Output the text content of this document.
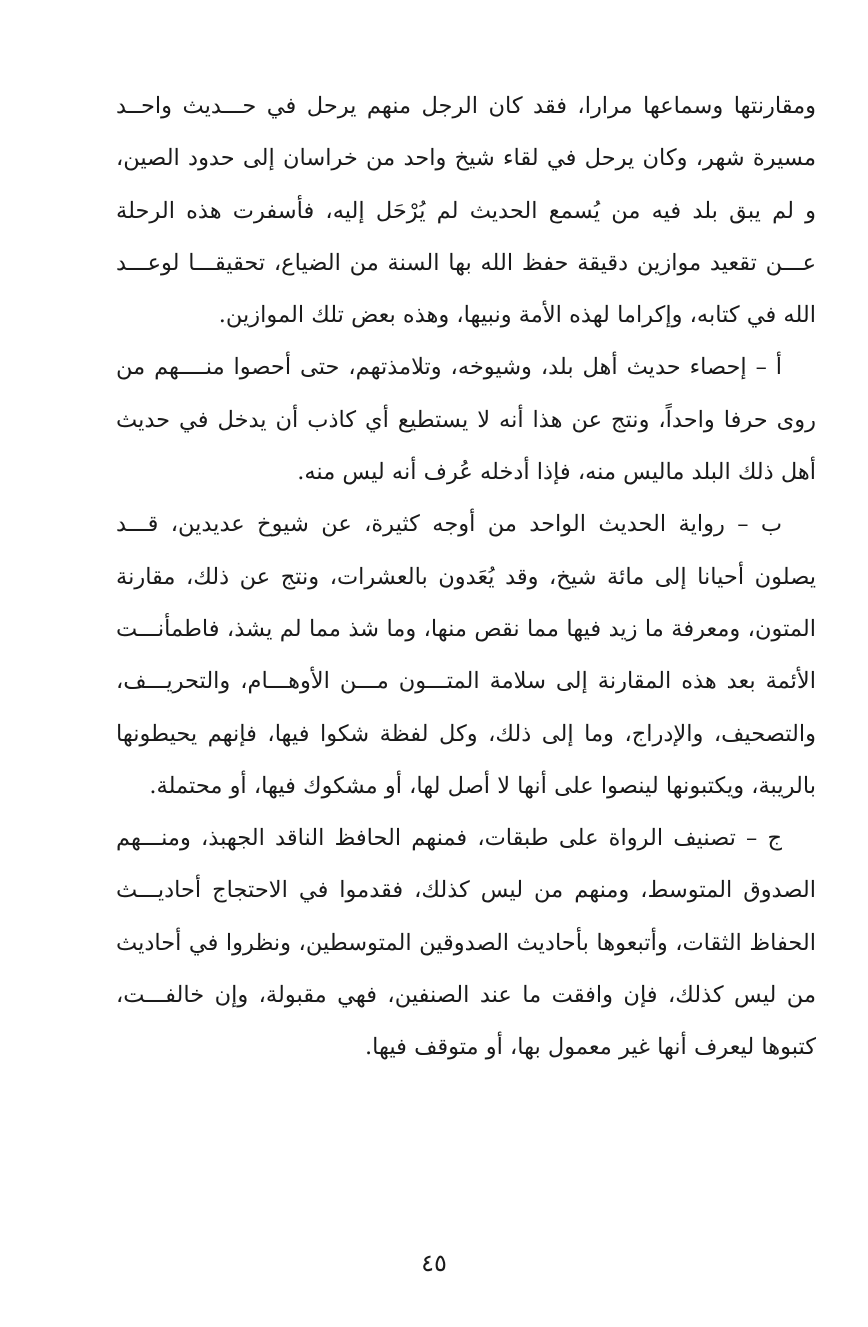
ومقارنتها وسماعها مرارا، فقد كان الرجل منهم يرحل في حـــديث واحــد مسيرة شهر، وكان يرحل في لقاء شيخ واحد من خراسان إلى حدود الصين، و لم يبق بلد فيه من يُسمع الحديث لم يُرْحَل إليه، فأسفرت هذه الرحلة عـــن تقعيد موازين دقيقة حفظ الله بها السنة من الضياع، تحقيقـــا لوعـــد الله في كتابه، وإكراما لهذه الأمة ونبيها، وهذه بعض تلك الموازين.

أ – إحصاء حديث أهل بلد، وشيوخه، وتلامذتهم، حتى أحصوا منــــهم من روى حرفا واحداً، ونتج عن هذا أنه لا يستطيع أي كاذب أن يدخل في حديث أهل ذلك البلد ماليس منه، فإذا أدخله عُرف أنه ليس منه.

ب – رواية الحديث الواحد من أوجه كثيرة، عن شيوخ عديدين، قـــد يصلون أحيانا إلى مائة شيخ، وقد يُعَدون بالعشرات، ونتج عن ذلك، مقارنة المتون، ومعرفة ما زيد فيها مما نقص منها، وما شذ مما لم يشذ، فاطمأنـــت الأئمة بعد هذه المقارنة إلى سلامة المتـــون مـــن الأوهـــام، والتحريـــف، والتصحيف، والإدراج، وما إلى ذلك، وكل لفظة شكوا فيها، فإنهم يحيطونها بالريبة، ويكتبونها لينصوا على أنها لا أصل لها، أو مشكوك فيها، أو محتملة.

ج – تصنيف الرواة على طبقات، فمنهم الحافظ الناقد الجهبذ، ومنـــهم الصدوق المتوسط، ومنهم من ليس كذلك، فقدموا في الاحتجاج أحاديـــث الحفاظ الثقات، وأتبعوها بأحاديث الصدوقين المتوسطين، ونظروا في أحاديث من ليس كذلك، فإن وافقت ما عند الصنفين، فهي مقبولة، وإن خالفـــت، كتبوها ليعرف أنها غير معمول بها، أو متوقف فيها.

٤٥
